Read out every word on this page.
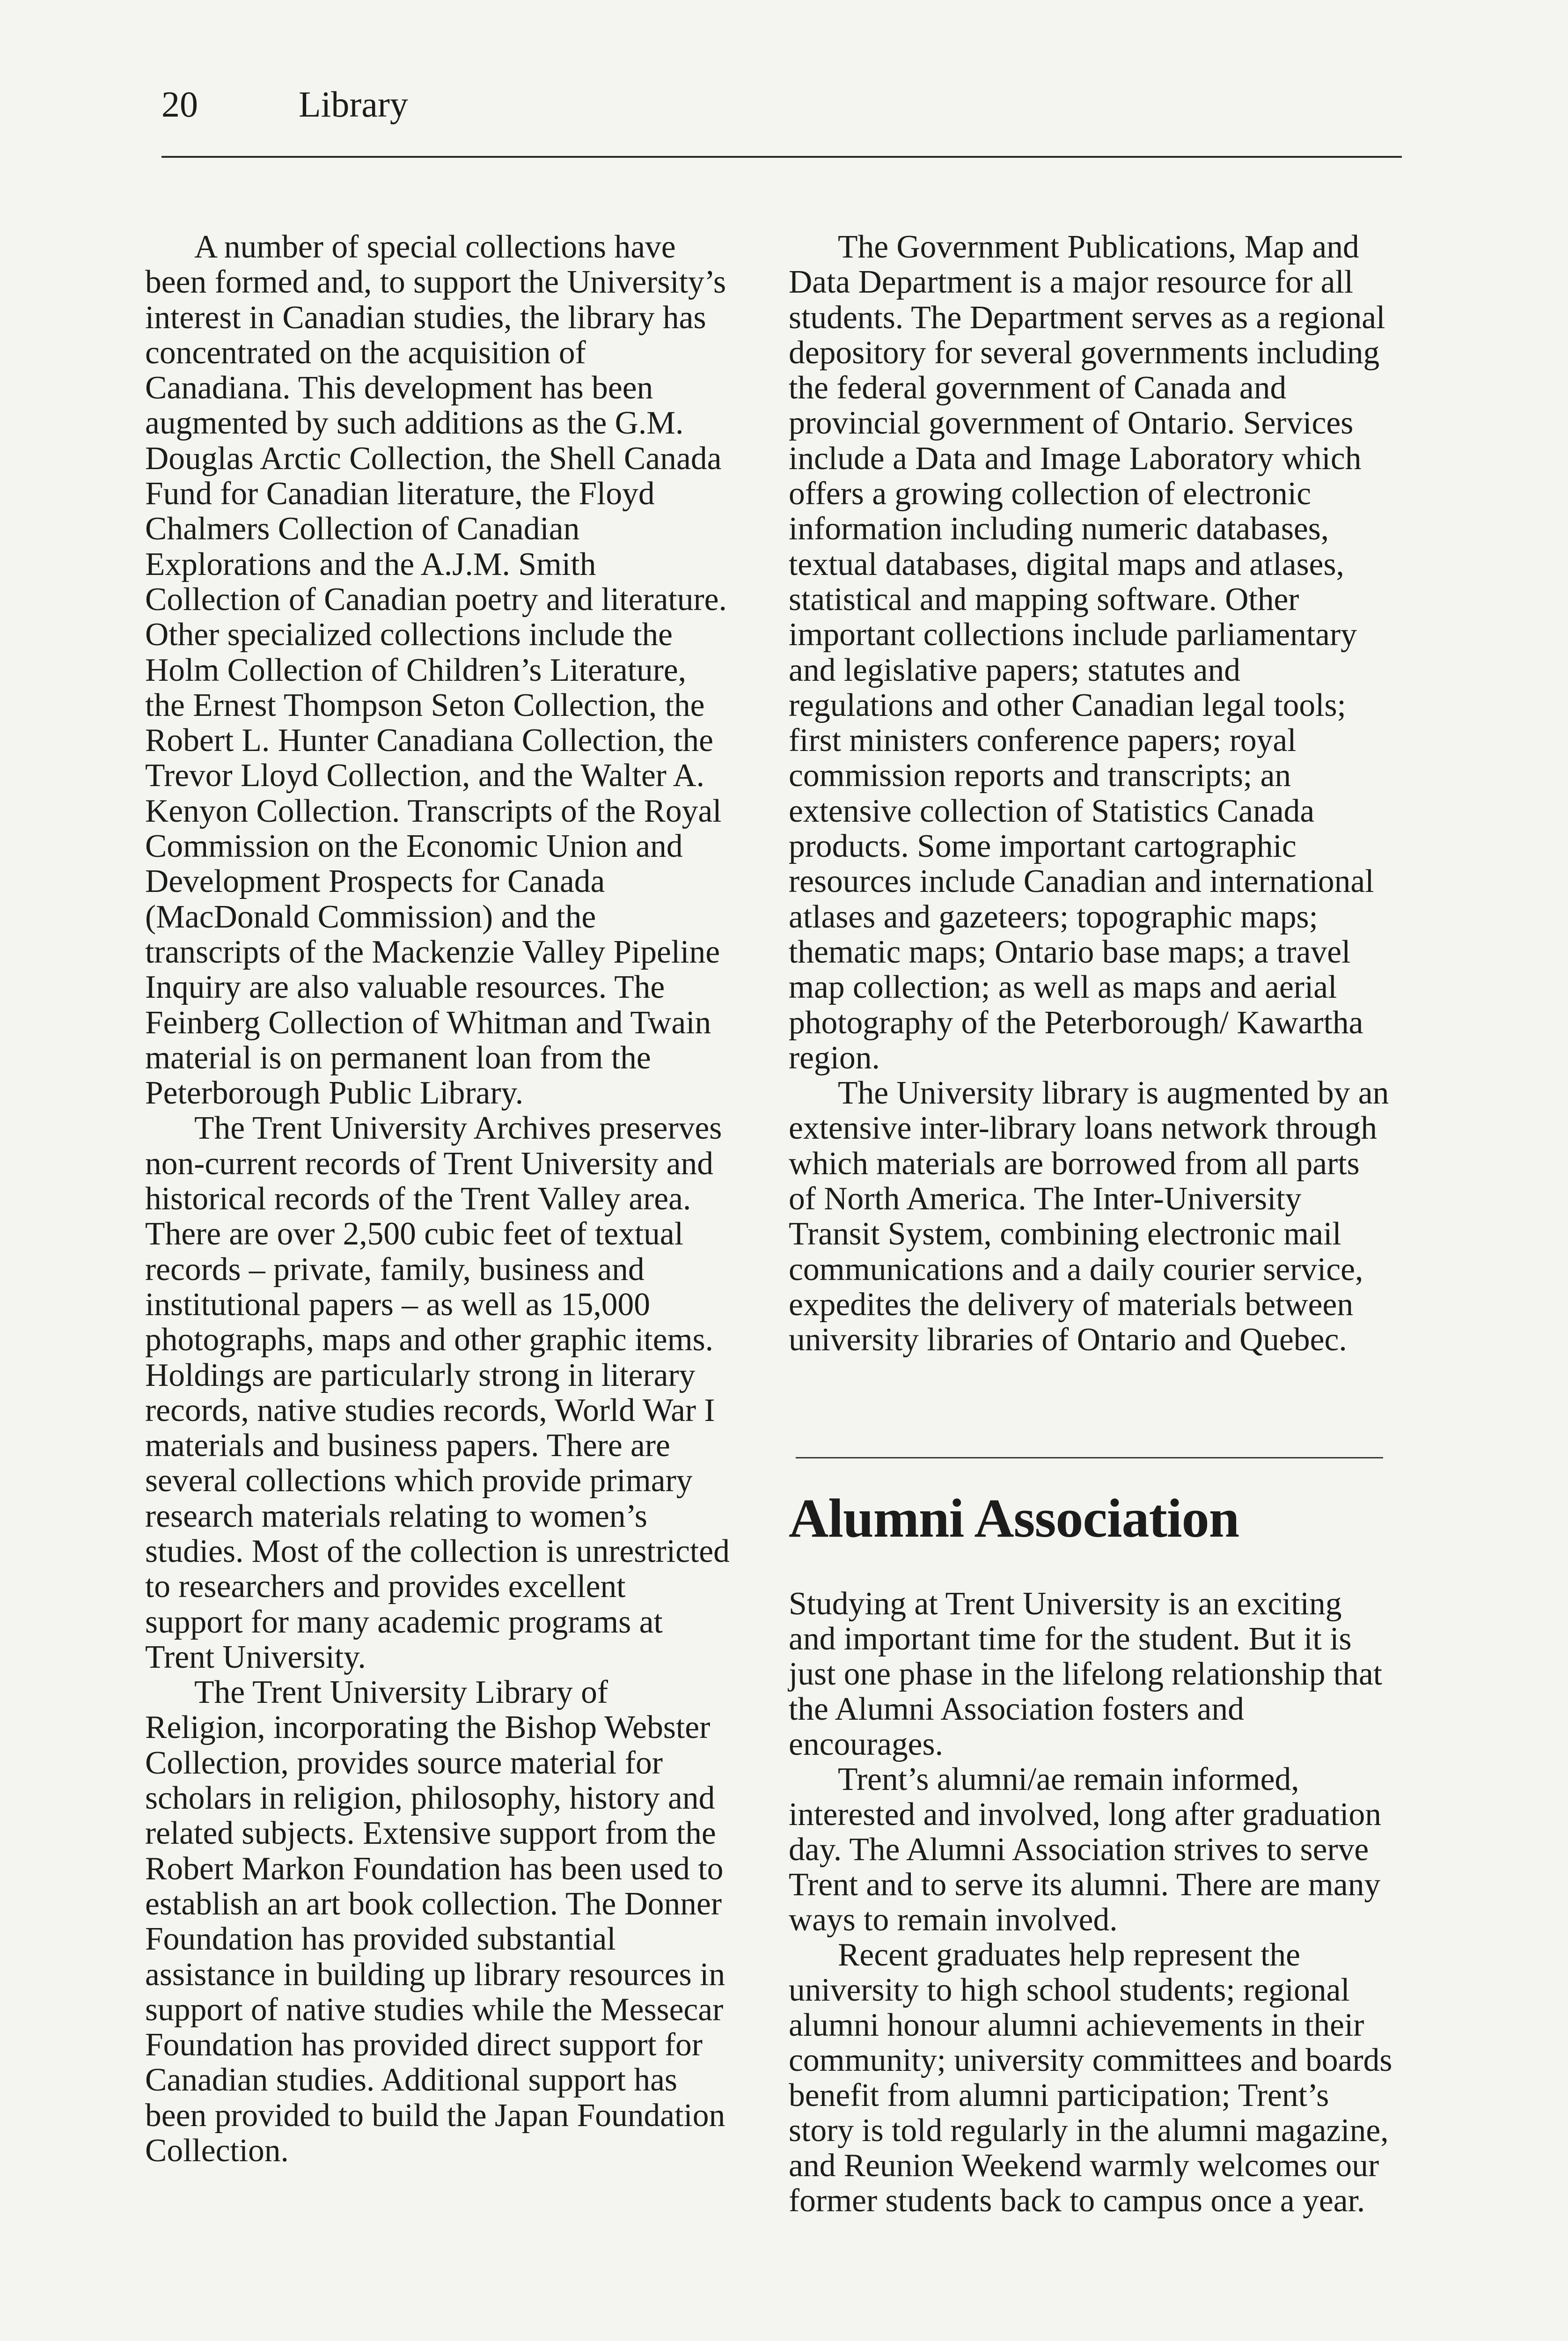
20	Library

A number of special collections have been formed and, to support the University’s interest in Canadian studies, the library has concentrated on the acquisition of Canadiana. This development has been augmented by such additions as the G.M. Douglas Arctic Collection, the Shell Canada Fund for Canadian literature, the Floyd Chalmers Collection of Canadian Explorations and the A.J.M. Smith Collection of Canadian poetry and literature. Other specialized collections include the Holm Collection of Children’s Literature, the Ernest Thompson Seton Collection, the Robert L. Hunter Canadiana Collection, the Trevor Lloyd Collection, and the Walter A. Kenyon Collection. Transcripts of the Royal Commission on the Economic Union and Development Prospects for Canada (MacDonald Commission) and the transcripts of the Mackenzie Valley Pipeline Inquiry are also valuable resources. The Feinberg Collection of Whitman and Twain material is on permanent loan from the Peterborough Public Library.

The Trent University Archives preserves non-current records of Trent University and historical records of the Trent Valley area. There are over 2,500 cubic feet of textual records – private, family, business and institutional papers – as well as 15,000 photographs, maps and other graphic items. Holdings are particularly strong in literary records, native studies records, World War I materials and business papers. There are several collections which provide primary research materials relating to women’s studies. Most of the collection is unrestricted to researchers and provides excellent support for many academic programs at Trent University.

The Trent University Library of Religion, incorporating the Bishop Webster Collection, provides source material for scholars in religion, philosophy, history and related subjects. Extensive support from the Robert Markon Foundation has been used to establish an art book collection. The Donner Foundation has provided substantial assistance in building up library resources in support of native studies while the Messecar Foundation has provided direct support for Canadian studies. Additional support has been provided to build the Japan Foundation Collection.

The Government Publications, Map and Data Department is a major resource for all students. The Department serves as a regional depository for several governments including the federal government of Canada and provincial government of Ontario. Services include a Data and Image Laboratory which offers a growing collection of electronic information including numeric databases, textual databases, digital maps and atlases, statistical and mapping software. Other important collections include parliamentary and legislative papers; statutes and regulations and other Canadian legal tools; first ministers conference papers; royal commission reports and transcripts; an extensive collection of Statistics Canada products. Some important cartographic resources include Canadian and international atlases and gazeteers; topographic maps; thematic maps; Ontario base maps; a travel map collection; as well as maps and aerial photography of the Peterborough/ Kawartha region.

The University library is augmented by an extensive inter-library loans network through which materials are borrowed from all parts of North America. The Inter-University Transit System, combining electronic mail communications and a daily courier service, expedites the delivery of materials between university libraries of Ontario and Quebec.

Alumni Association

Studying at Trent University is an exciting and important time for the student. But it is just one phase in the lifelong relationship that the Alumni Association fosters and encourages.

Trent’s alumni/ae remain informed, interested and involved, long after graduation day. The Alumni Association strives to serve Trent and to serve its alumni. There are many ways to remain involved.

Recent graduates help represent the university to high school students; regional alumni honour alumni achievements in their community; university committees and boards benefit from alumni participation; Trent’s story is told regularly in the alumni magazine, and Reunion Weekend warmly welcomes our former students back to campus once a year.
